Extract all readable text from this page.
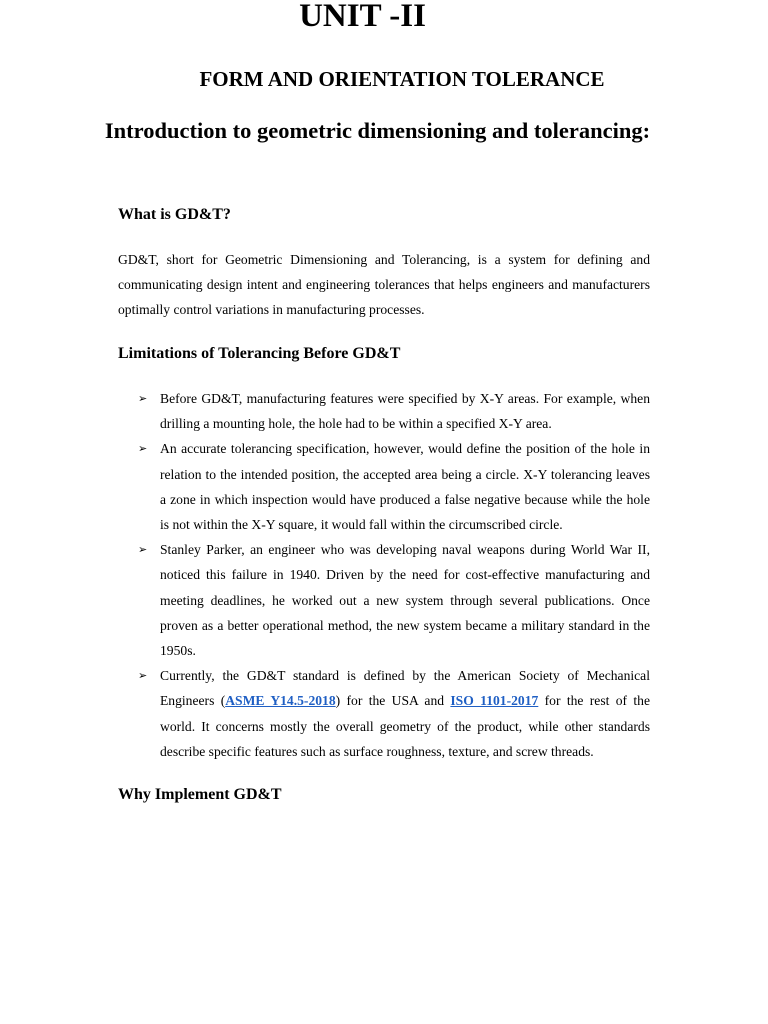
UNIT -II
FORM AND ORIENTATION TOLERANCE
Introduction to geometric dimensioning and tolerancing:
What is GD&T?

GD&T, short for Geometric Dimensioning and Tolerancing, is a system for defining and communicating design intent and engineering tolerances that helps engineers and manufacturers optimally control variations in manufacturing processes.

Limitations of Tolerancing Before GD&T
➢ Before GD&T, manufacturing features were specified by X-Y areas. For example, when drilling a mounting hole, the hole had to be within a specified X-Y area.
➢ An accurate tolerancing specification, however, would define the position of the hole in relation to the intended position, the accepted area being a circle. X-Y tolerancing leaves a zone in which inspection would have produced a false negative because while the hole is not within the X-Y square, it would fall within the circumscribed circle.
➢ Stanley Parker, an engineer who was developing naval weapons during World War II, noticed this failure in 1940. Driven by the need for cost-effective manufacturing and meeting deadlines, he worked out a new system through several publications. Once proven as a better operational method, the new system became a military standard in the 1950s.
➢ Currently, the GD&T standard is defined by the American Society of Mechanical Engineers (ASME Y14.5-2018) for the USA and ISO 1101-2017 for the rest of the world. It concerns mostly the overall geometry of the product, while other standards describe specific features such as surface roughness, texture, and screw threads.
Why Implement GD&T
